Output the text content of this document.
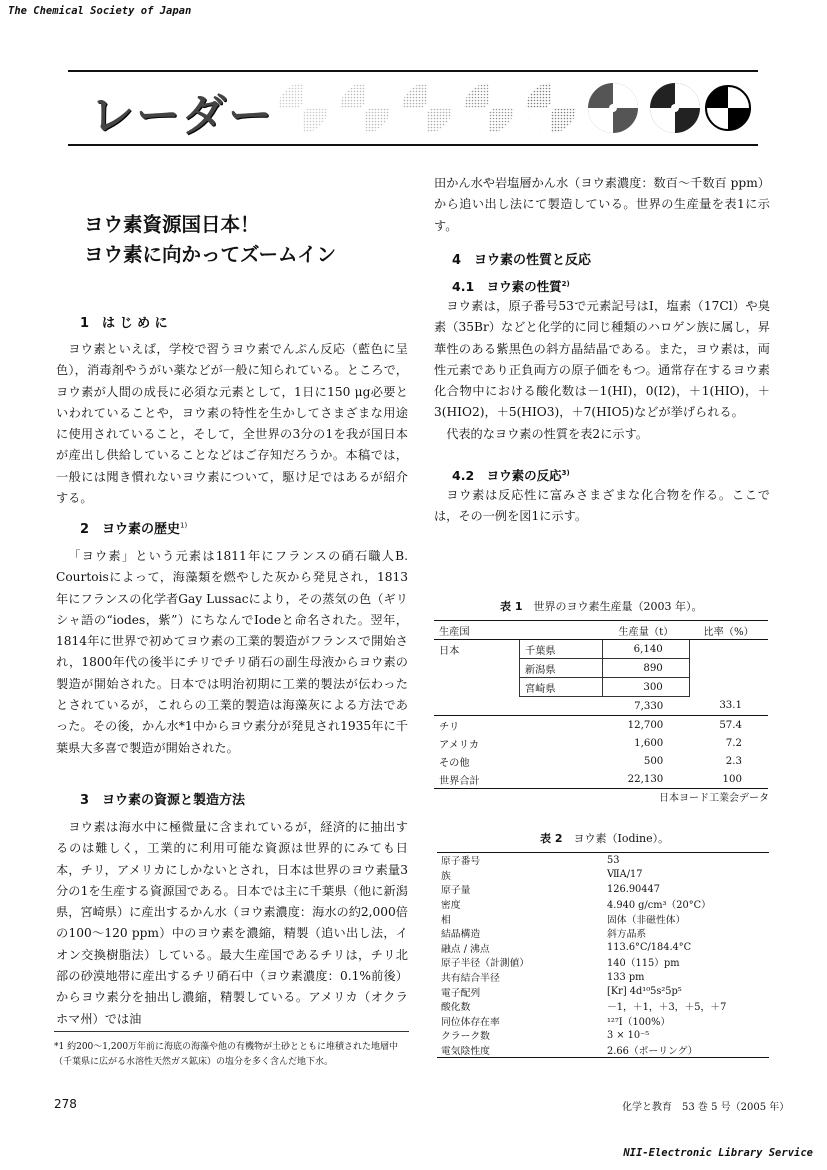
The Chemical Society of Japan
レーダー
ヨウ素資源国日本！
ヨウ素に向かってズームイン
1　は じ め に

ヨウ素といえば，学校で習うヨウ素でんぷん反応（藍色に呈色），消毒剤やうがい薬などが一般に知られている。ところで，ヨウ素が人間の成長に必須な元素として，1日に150 μg必要といわれていることや，ヨウ素の特性を生かしてさまざまな用途に使用されていること，そして，全世界の3分の1を我が国日本が産出し供給していることなどはご存知だろうか。本稿では，一般には聞き慣れないヨウ素について，駆け足ではあるが紹介する。

2　ヨウ素の歴史$^{1)}$

「ヨウ素」という元素は1811年にフランスの硝石職人B. Courtoisによって，海藻類を燃やした灰から発見され，1813年にフランスの化学者Gay Lussacにより，その蒸気の色（ギリシャ語の“iodes，紫”）にちなんでIodeと命名された。翌年，1814年に世界で初めてヨウ素の工業的製造がフランスで開始され，1800年代の後半にチリでチリ硝石の副生母液からヨウ素の製造が開始された。日本では明治初期に工業的製法が伝わったとされているが，これらの工業的製造は海藻灰による方法であった。その後，かん水*1中からヨウ素分が発見され1935年に千葉県大多喜で製造が開始された。

3　ヨウ素の資源と製造方法

ヨウ素は海水中に極微量に含まれているが，経済的に抽出するのは難しく，工業的に利用可能な資源は世界的にみても日本，チリ，アメリカにしかないとされ，日本は世界のヨウ素量3分の1を生産する資源国である。日本では主に千葉県（他に新潟県，宮崎県）に産出するかん水（ヨウ素濃度：海水の約2,000倍の100〜120 ppm）中のヨウ素を濃縮，精製（追い出し法，イオン交換樹脂法）している。最大生産国であるチリは，チリ北部の砂漠地帯に産出するチリ硝石中（ヨウ素濃度：0.1%前後）からヨウ素分を抽出し濃縮，精製している。アメリカ（オクラホマ州）では油

*1 約200〜1,200万年前に海底の海藻や他の有機物が土砂とともに堆積された地層中（千葉県に広がる水溶性天然ガス鉱床）の塩分を多く含んだ地下水。
田かん水や岩塩層かん水（ヨウ素濃度：数百〜千数百 ppm）から追い出し法にて製造している。世界の生産量を表1に示す。
4　ヨウ素の性質と反応
4.1　ヨウ素の性質$^{2)}$

ヨウ素は，原子番号53で元素記号はI，塩素（17Cl）や臭素（35Br）などと化学的に同じ種類のハロゲン族に属し，昇華性のある紫黒色の斜方晶結晶である。また，ヨウ素は，両性元素であり正負両方の原子価をもつ。通常存在するヨウ素化合物中における酸化数は－1(HI)，0(I2)，＋1(HIO)，＋3(HIO2)，＋5(HIO3)，＋7(HIO5)などが挙げられる。

代表的なヨウ素の性質を表2に示す。

4.2　ヨウ素の反応$^{3)}$

ヨウ素は反応性に富みさまざまな化合物を作る。ここでは，その一例を図1に示す。

表 1　 世界のヨウ素生産量（2003 年）。
生産国		生産量（t）	比率（%）
日本	千葉県	6,140	
	新潟県	890	
	宮崎県	300	
		7,330	33.1
チリ		12,700	57.4
アメリカ		1,600	7.2
その他		500	2.3
世界合計		22,130	100
日本ヨード工業会データ
表 2　 ヨウ素（Iodine）。
原子番号	53
族	ⅦA/17
原子量	126.90447
密度	4.940 g/cm³（20°C）
相	固体（非磁性体）
結晶構造	斜方晶系
融点 / 沸点	113.6°C/184.4°C
原子半径（計測値）	140（115）pm
共有結合半径	133 pm
電子配列	[Kr] 4d¹⁰5s²5p⁵
酸化数	－1，＋1，＋3，＋5，＋7
同位体存在率	¹²⁷I（100%）
クラーク数	3 × 10⁻⁵
電気陰性度	2.66（ポーリング）
278	化学と教育　53 巻 5 号（2005 年）
NII-Electronic Library Service
